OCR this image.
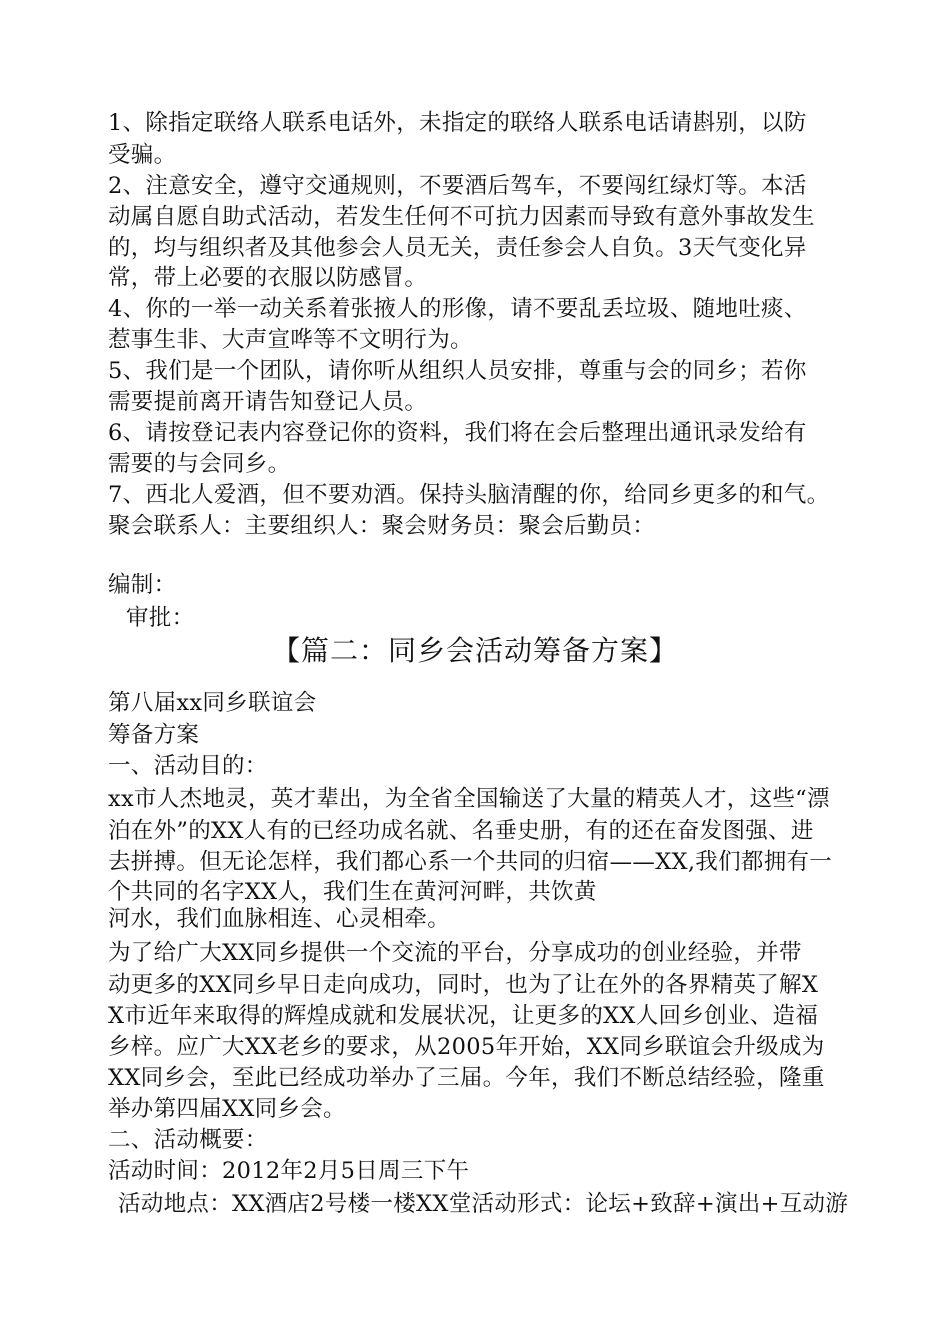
1、除指定联络人联系电话外，未指定的联络人联系电话请斟别，以防
受骗。
2、注意安全，遵守交通规则，不要酒后驾车，不要闯红绿灯等。本活
动属自愿自助式活动，若发生任何不可抗力因素而导致有意外事故发生
的，均与组织者及其他参会人员无关，责任参会人自负。3天气变化异
常，带上必要的衣服以防感冒。
4、你的一举一动关系着张掖人的形像，请不要乱丢垃圾、随地吐痰、
惹事生非、大声宣哗等不文明行为。
5、我们是一个团队，请你听从组织人员安排，尊重与会的同乡；若你
需要提前离开请告知登记人员。
6、请按登记表内容登记你的资料，我们将在会后整理出通讯录发给有
需要的与会同乡。
7、西北人爱酒，但不要劝酒。保持头脑清醒的你，给同乡更多的和气。
聚会联系人：主要组织人：聚会财务员：聚会后勤员：
编制：
审批：
【篇二：同乡会活动筹备方案】
第八届xx同乡联谊会
筹备方案
一、活动目的：
xx市人杰地灵，英才辈出，为全省全国输送了大量的精英人才，这些“漂
泊在外”的XX人有的已经功成名就、名垂史册，有的还在奋发图强、进
去拼搏。但无论怎样，我们都心系一个共同的归宿——XX,我们都拥有一
个共同的名字XX人，我们生在黄河河畔，共饮黄
河水，我们血脉相连、心灵相牵。
为了给广大XX同乡提供一个交流的平台，分享成功的创业经验，并带
动更多的XX同乡早日走向成功，同时，也为了让在外的各界精英了解X
X市近年来取得的辉煌成就和发展状况，让更多的XX人回乡创业、造福
乡梓。应广大XX老乡的要求，从2005年开始，XX同乡联谊会升级成为
XX同乡会，至此已经成功举办了三届。今年，我们不断总结经验，隆重
举办第四届XX同乡会。
二、活动概要：
活动时间：2012年2月5日周三下午
活动地点：XX酒店2号楼一楼XX堂活动形式：论坛+致辞+演出+互动游
